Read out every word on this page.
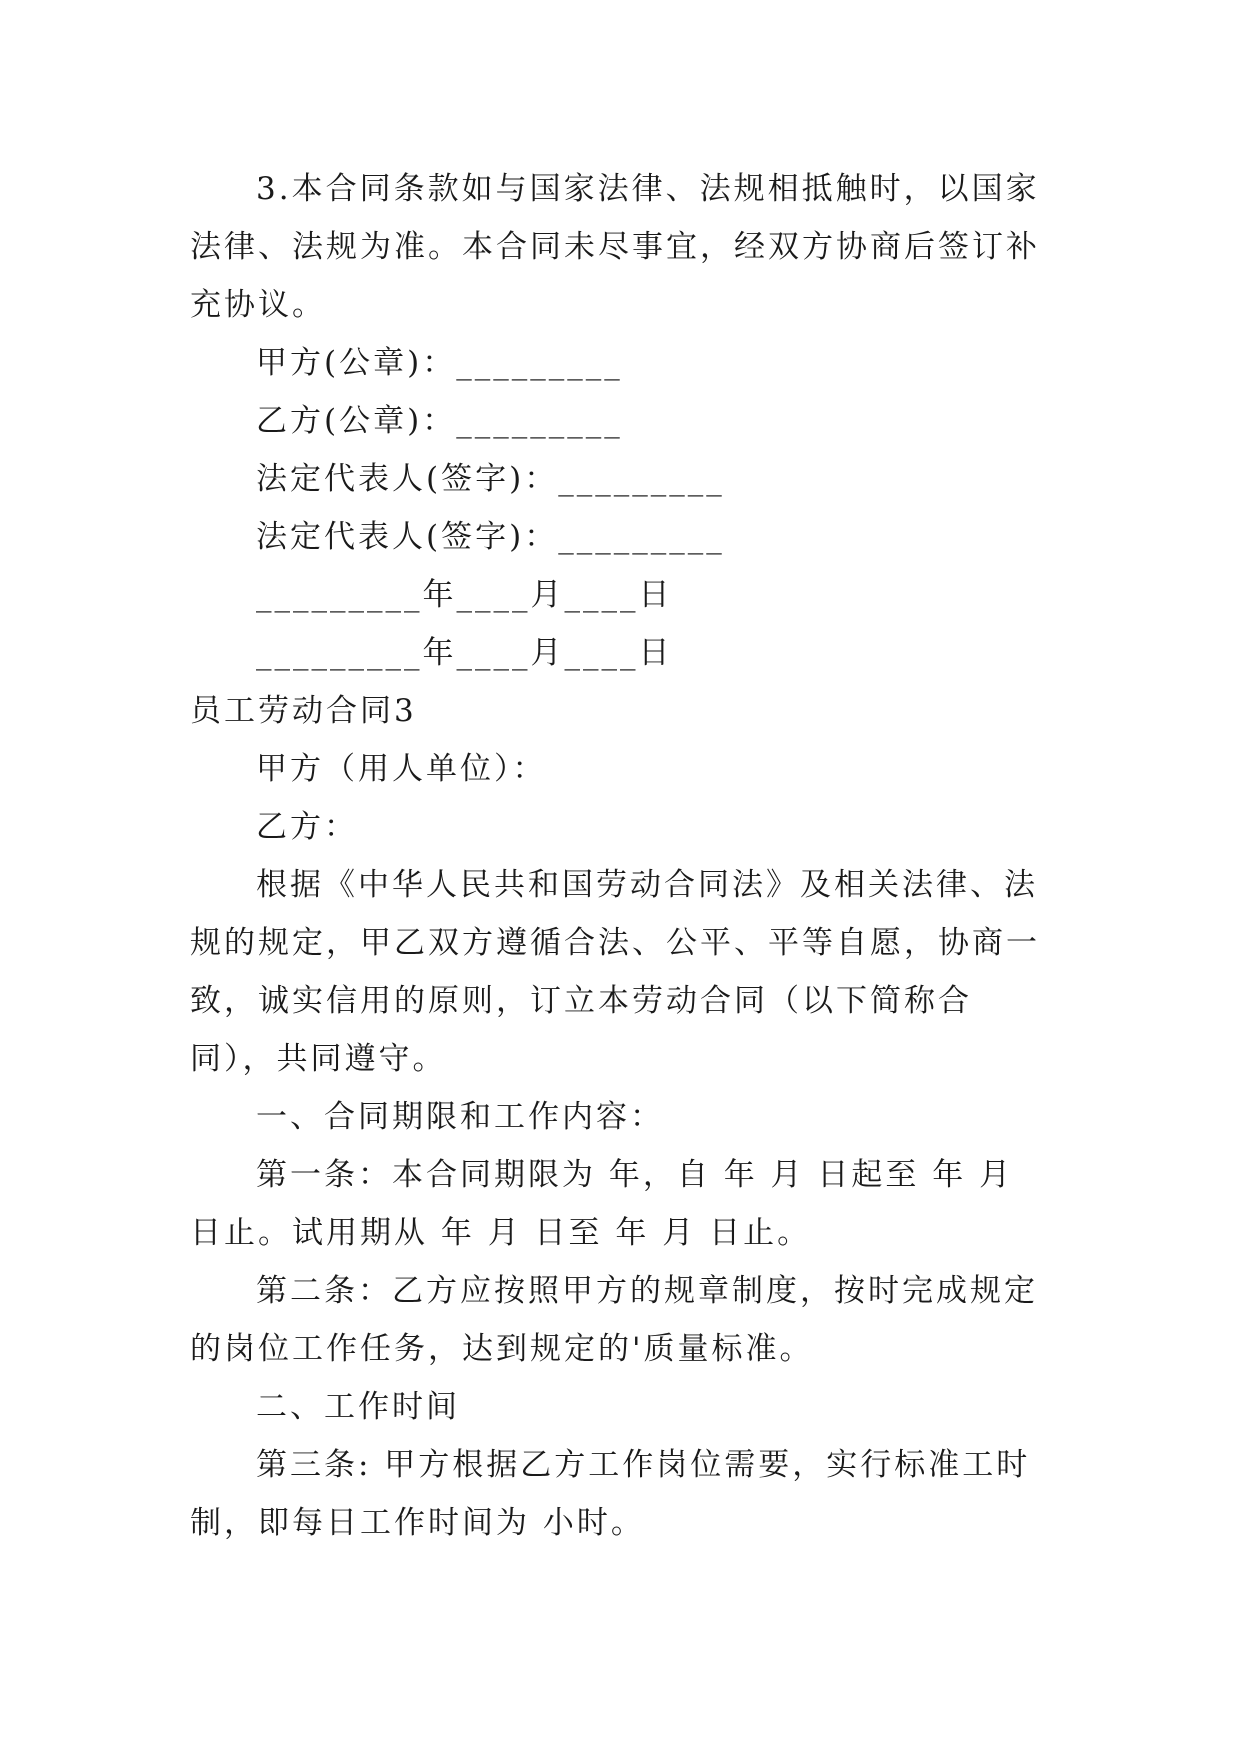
3.本合同条款如与国家法律、法规相抵触时，以国家法律、法规为准。本合同未尽事宜，经双方协商后签订补充协议。

甲方(公章)：_________

乙方(公章)：_________

法定代表人(签字)：_________

法定代表人(签字)：_________

_________年____月____日

_________年____月____日

员工劳动合同3

甲方（用人单位）：

乙方：

根据《中华人民共和国劳动合同法》及相关法律、法规的规定，甲乙双方遵循合法、公平、平等自愿，协商一致，诚实信用的原则，订立本劳动合同（以下简称合同），共同遵守。

一、合同期限和工作内容：

第一条：本合同期限为 年，自 年 月 日起至 年 月 日止。试用期从 年 月 日至 年 月 日止。

第二条：乙方应按照甲方的规章制度，按时完成规定的岗位工作任务，达到规定的'质量标准。

二、工作时间

第三条: 甲方根据乙方工作岗位需要，实行标准工时制，即每日工作时间为 小时。
